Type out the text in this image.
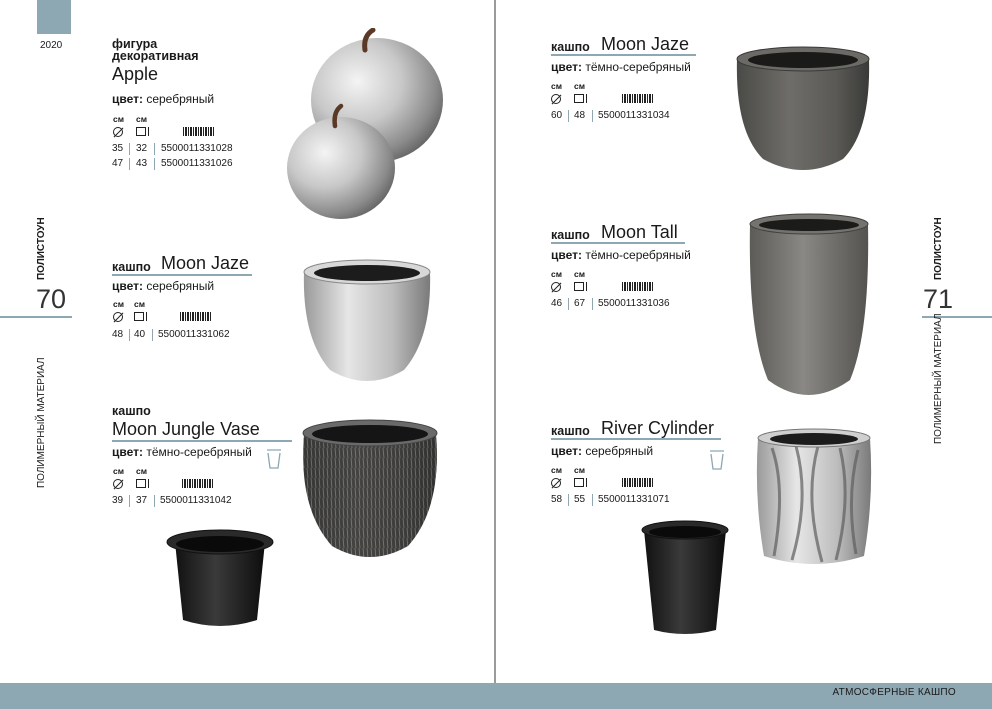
2020
АТМОСФЕРНЫЕ КАШПО
ПОЛИСТОУН
70
ПОЛИМЕРНЫЙ МАТЕРИАЛ
ПОЛИСТОУН
71
ПОЛИМЕРНЫЙ МАТЕРИАЛ
фигура
декоративная
Apple
цвет: серебряный
см см
35 32 5500011331028
47 43 5500011331026
кашпо Moon Jaze
цвет: серебряный
см см
48 40 5500011331062
кашпо
Moon Jungle Vase
цвет: тёмно-серебряный
см см
39 37 5500011331042
кашпо Moon Jaze
цвет: тёмно-серебряный
см см
60 48 5500011331034
кашпо Moon Tall
цвет: тёмно-серебряный
см см
46 67 5500011331036
кашпо River Cylinder
цвет: серебряный
см см
58 55 5500011331071
